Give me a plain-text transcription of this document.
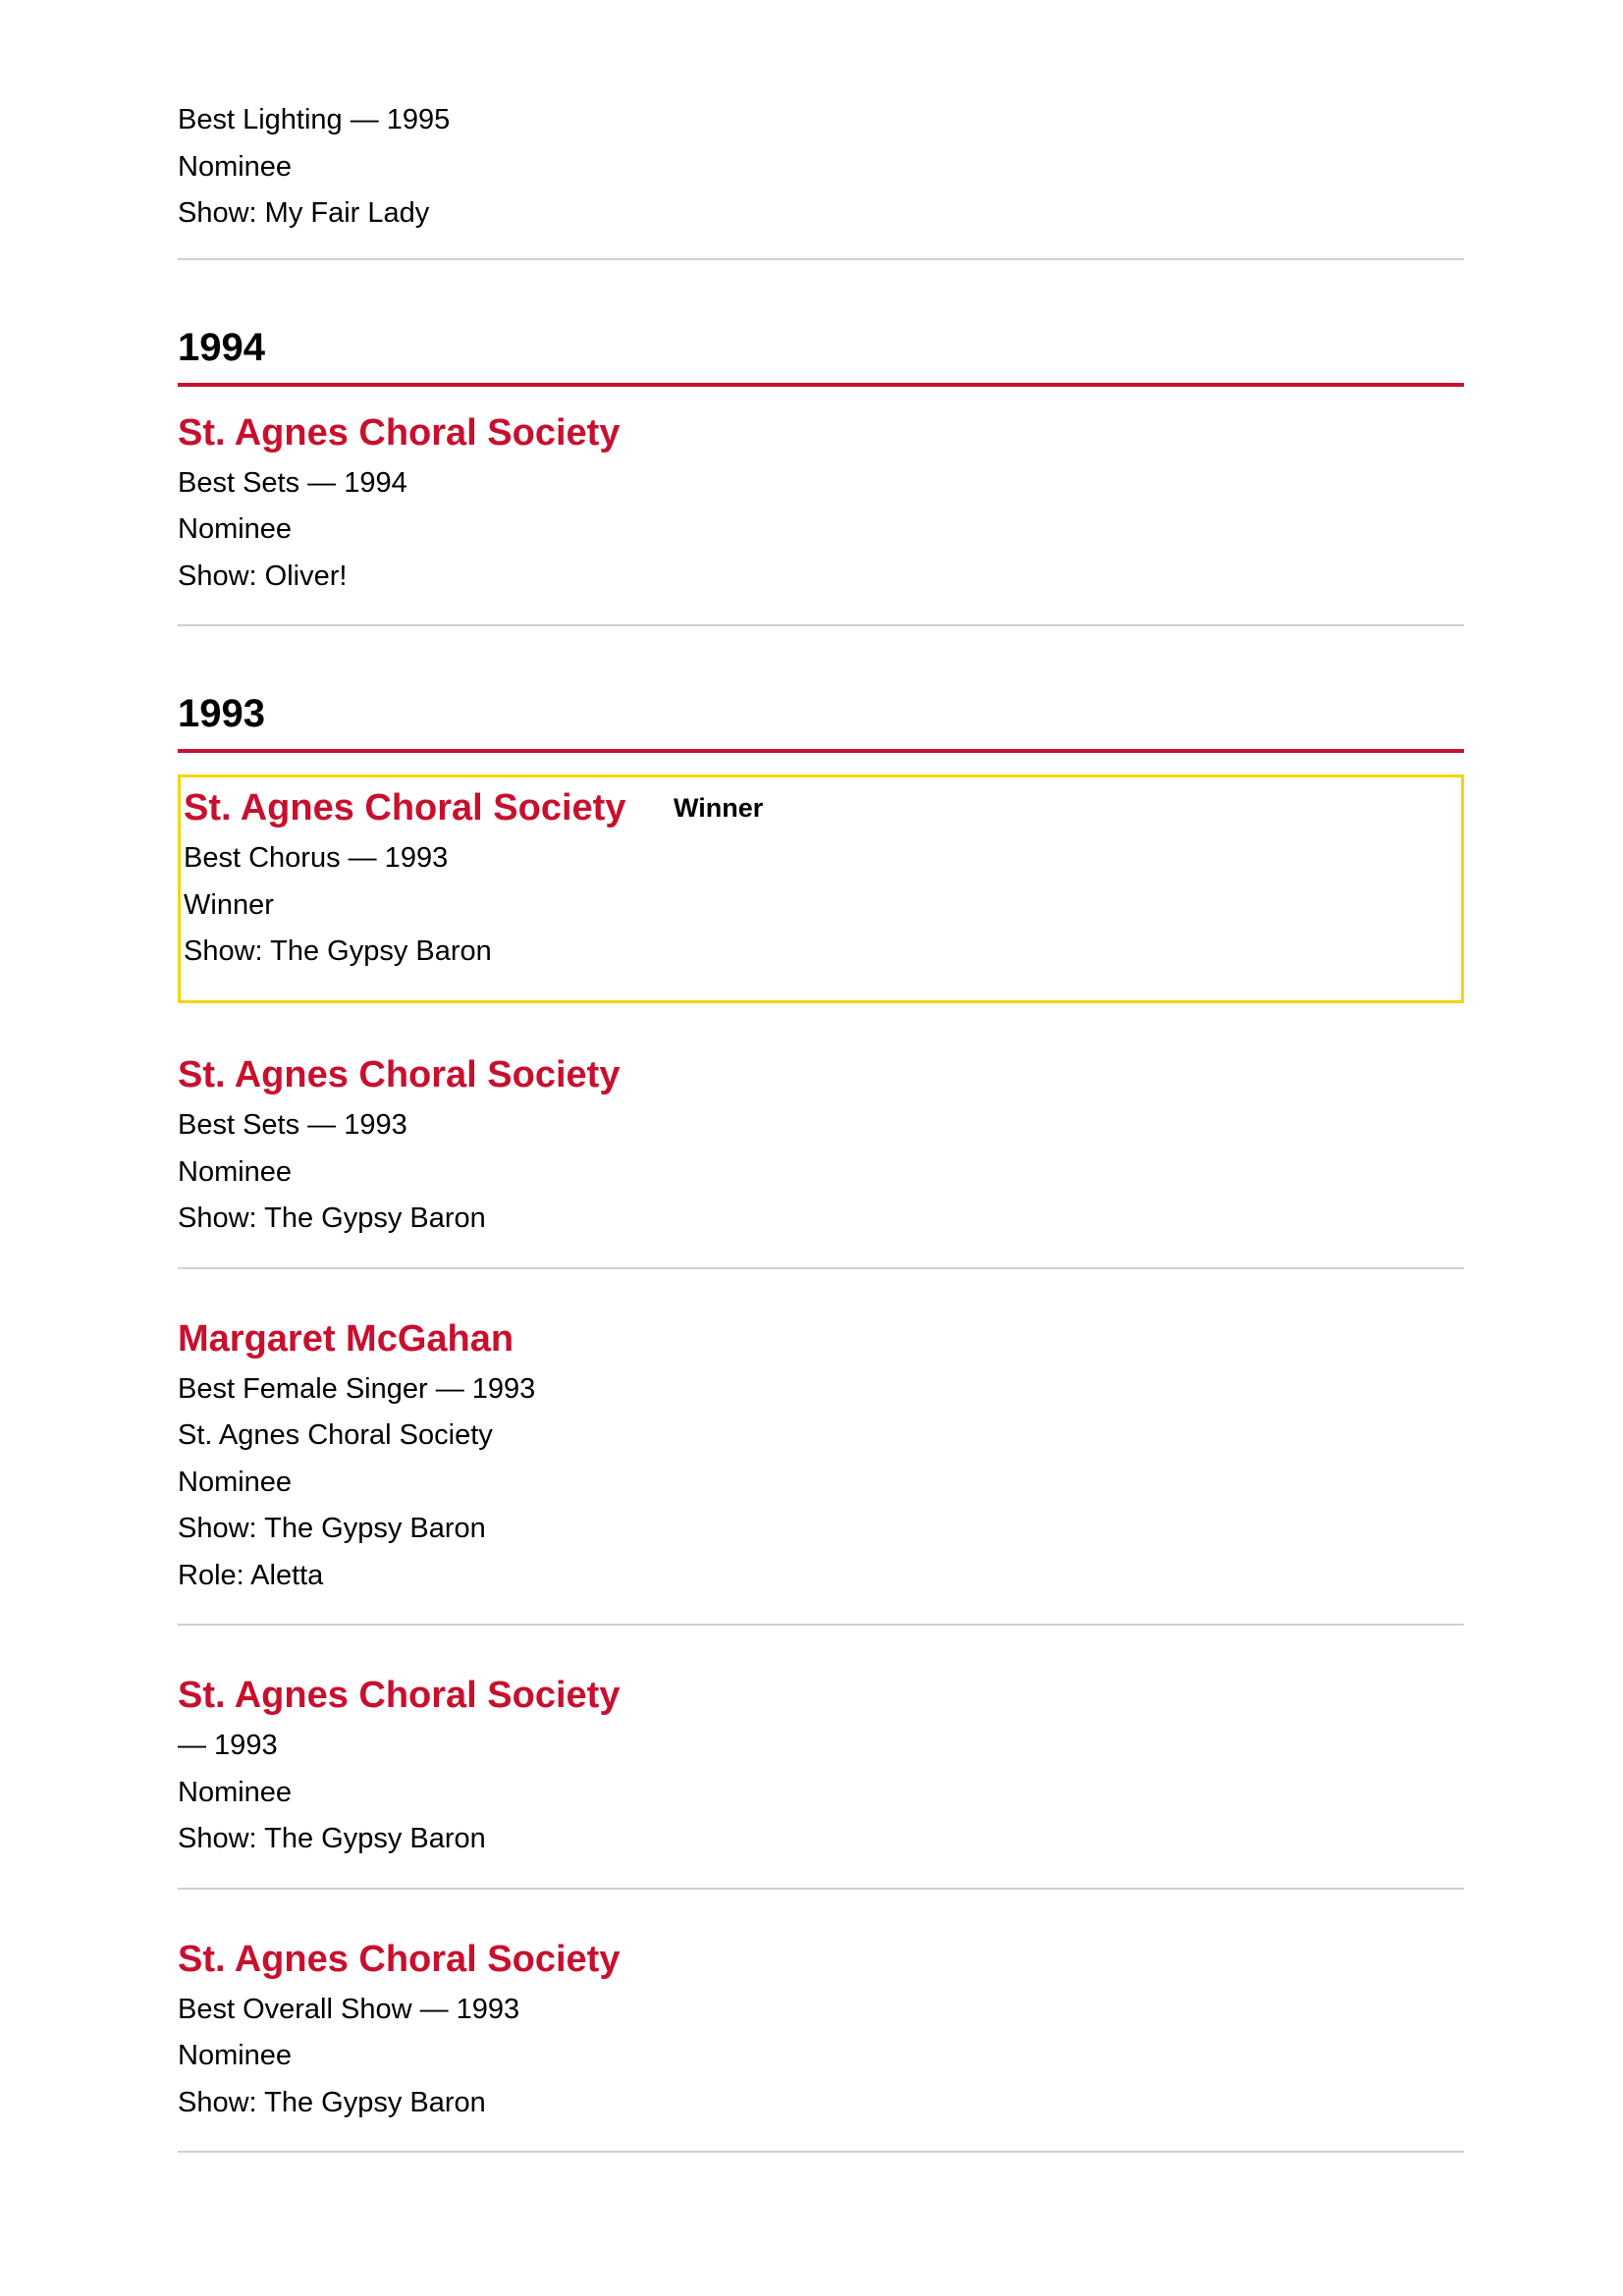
Best Lighting — 1995
Nominee
Show: My Fair Lady
1994
St. Agnes Choral Society
Best Sets — 1994
Nominee
Show: Oliver!
1993
St. Agnes Choral Society Winner
Best Chorus — 1993
Winner
Show: The Gypsy Baron
St. Agnes Choral Society
Best Sets — 1993
Nominee
Show: The Gypsy Baron
Margaret McGahan
Best Female Singer — 1993
St. Agnes Choral Society
Nominee
Show: The Gypsy Baron
Role: Aletta
St. Agnes Choral Society
— 1993
Nominee
Show: The Gypsy Baron
St. Agnes Choral Society
Best Overall Show — 1993
Nominee
Show: The Gypsy Baron
